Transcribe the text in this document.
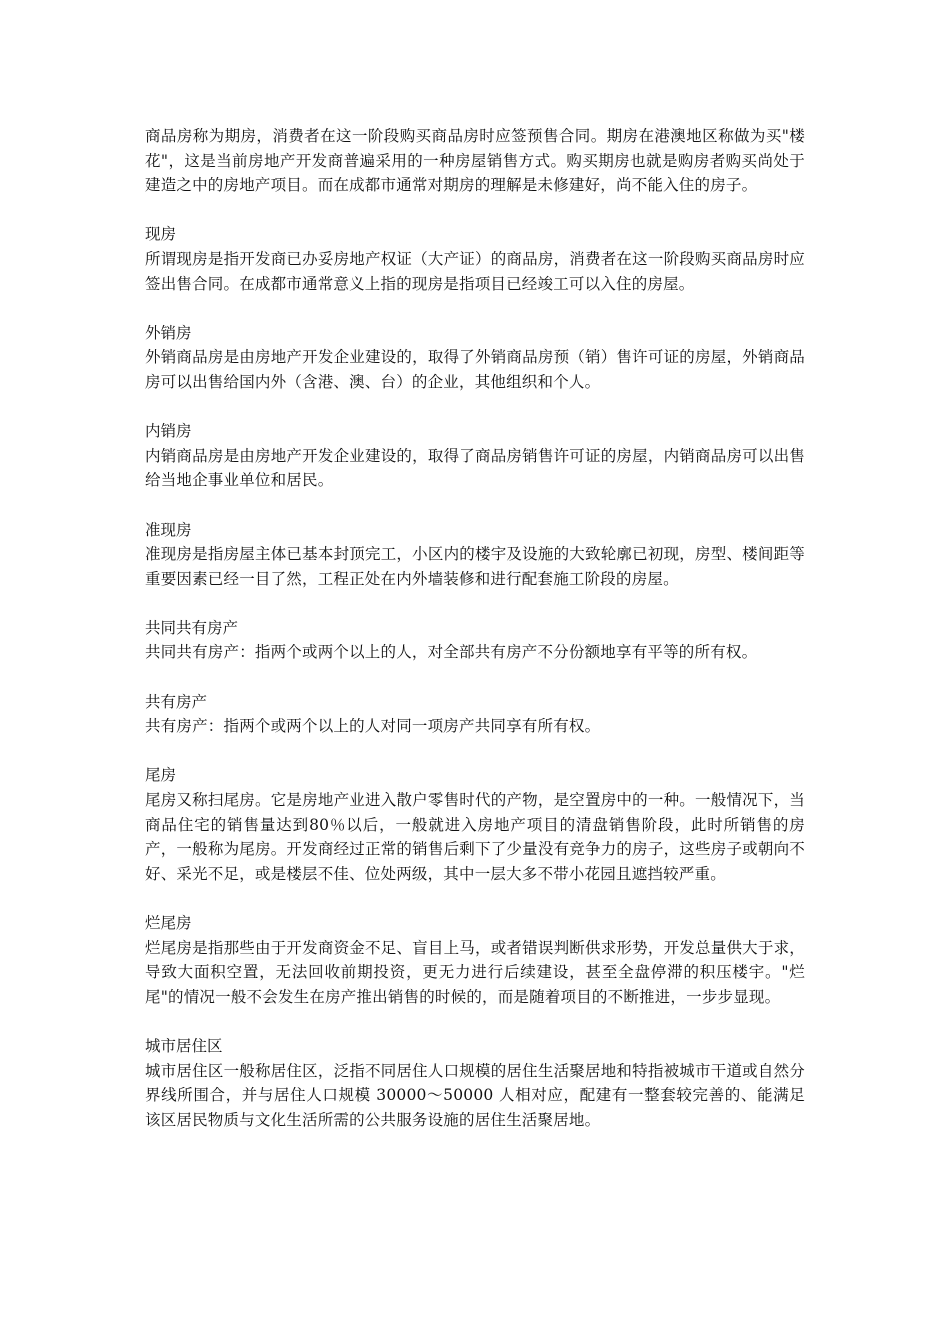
商品房称为期房，消费者在这一阶段购买商品房时应签预售合同。期房在港澳地区称做为买"楼花"，这是当前房地产开发商普遍采用的一种房屋销售方式。购买期房也就是购房者购买尚处于建造之中的房地产项目。而在成都市通常对期房的理解是未修建好，尚不能入住的房子。

现房

所谓现房是指开发商已办妥房地产权证（大产证）的商品房，消费者在这一阶段购买商品房时应签出售合同。在成都市通常意义上指的现房是指项目已经竣工可以入住的房屋。

外销房

外销商品房是由房地产开发企业建设的，取得了外销商品房预（销）售许可证的房屋，外销商品房可以出售给国内外（含港、澳、台）的企业，其他组织和个人。

内销房

内销商品房是由房地产开发企业建设的，取得了商品房销售许可证的房屋，内销商品房可以出售给当地企事业单位和居民。

准现房

准现房是指房屋主体已基本封顶完工，小区内的楼宇及设施的大致轮廓已初现，房型、楼间距等重要因素已经一目了然，工程正处在内外墙装修和进行配套施工阶段的房屋。

共同共有房产

共同共有房产：指两个或两个以上的人，对全部共有房产不分份额地享有平等的所有权。

共有房产

共有房产：指两个或两个以上的人对同一项房产共同享有所有权。

尾房

尾房又称扫尾房。它是房地产业进入散户零售时代的产物，是空置房中的一种。一般情况下，当商品住宅的销售量达到80％以后，一般就进入房地产项目的清盘销售阶段，此时所销售的房产，一般称为尾房。开发商经过正常的销售后剩下了少量没有竞争力的房子，这些房子或朝向不好、采光不足，或是楼层不佳、位处两级，其中一层大多不带小花园且遮挡较严重。

烂尾房

烂尾房是指那些由于开发商资金不足、盲目上马，或者错误判断供求形势，开发总量供大于求，导致大面积空置，无法回收前期投资，更无力进行后续建设，甚至全盘停滞的积压楼宇。"烂尾"的情况一般不会发生在房产推出销售的时候的，而是随着项目的不断推进，一步步显现。

城市居住区

城市居住区一般称居住区，泛指不同居住人口规模的居住生活聚居地和特指被城市干道或自然分界线所围合，并与居住人口规模 30000～50000 人相对应，配建有一整套较完善的、能满足该区居民物质与文化生活所需的公共服务设施的居住生活聚居地。
